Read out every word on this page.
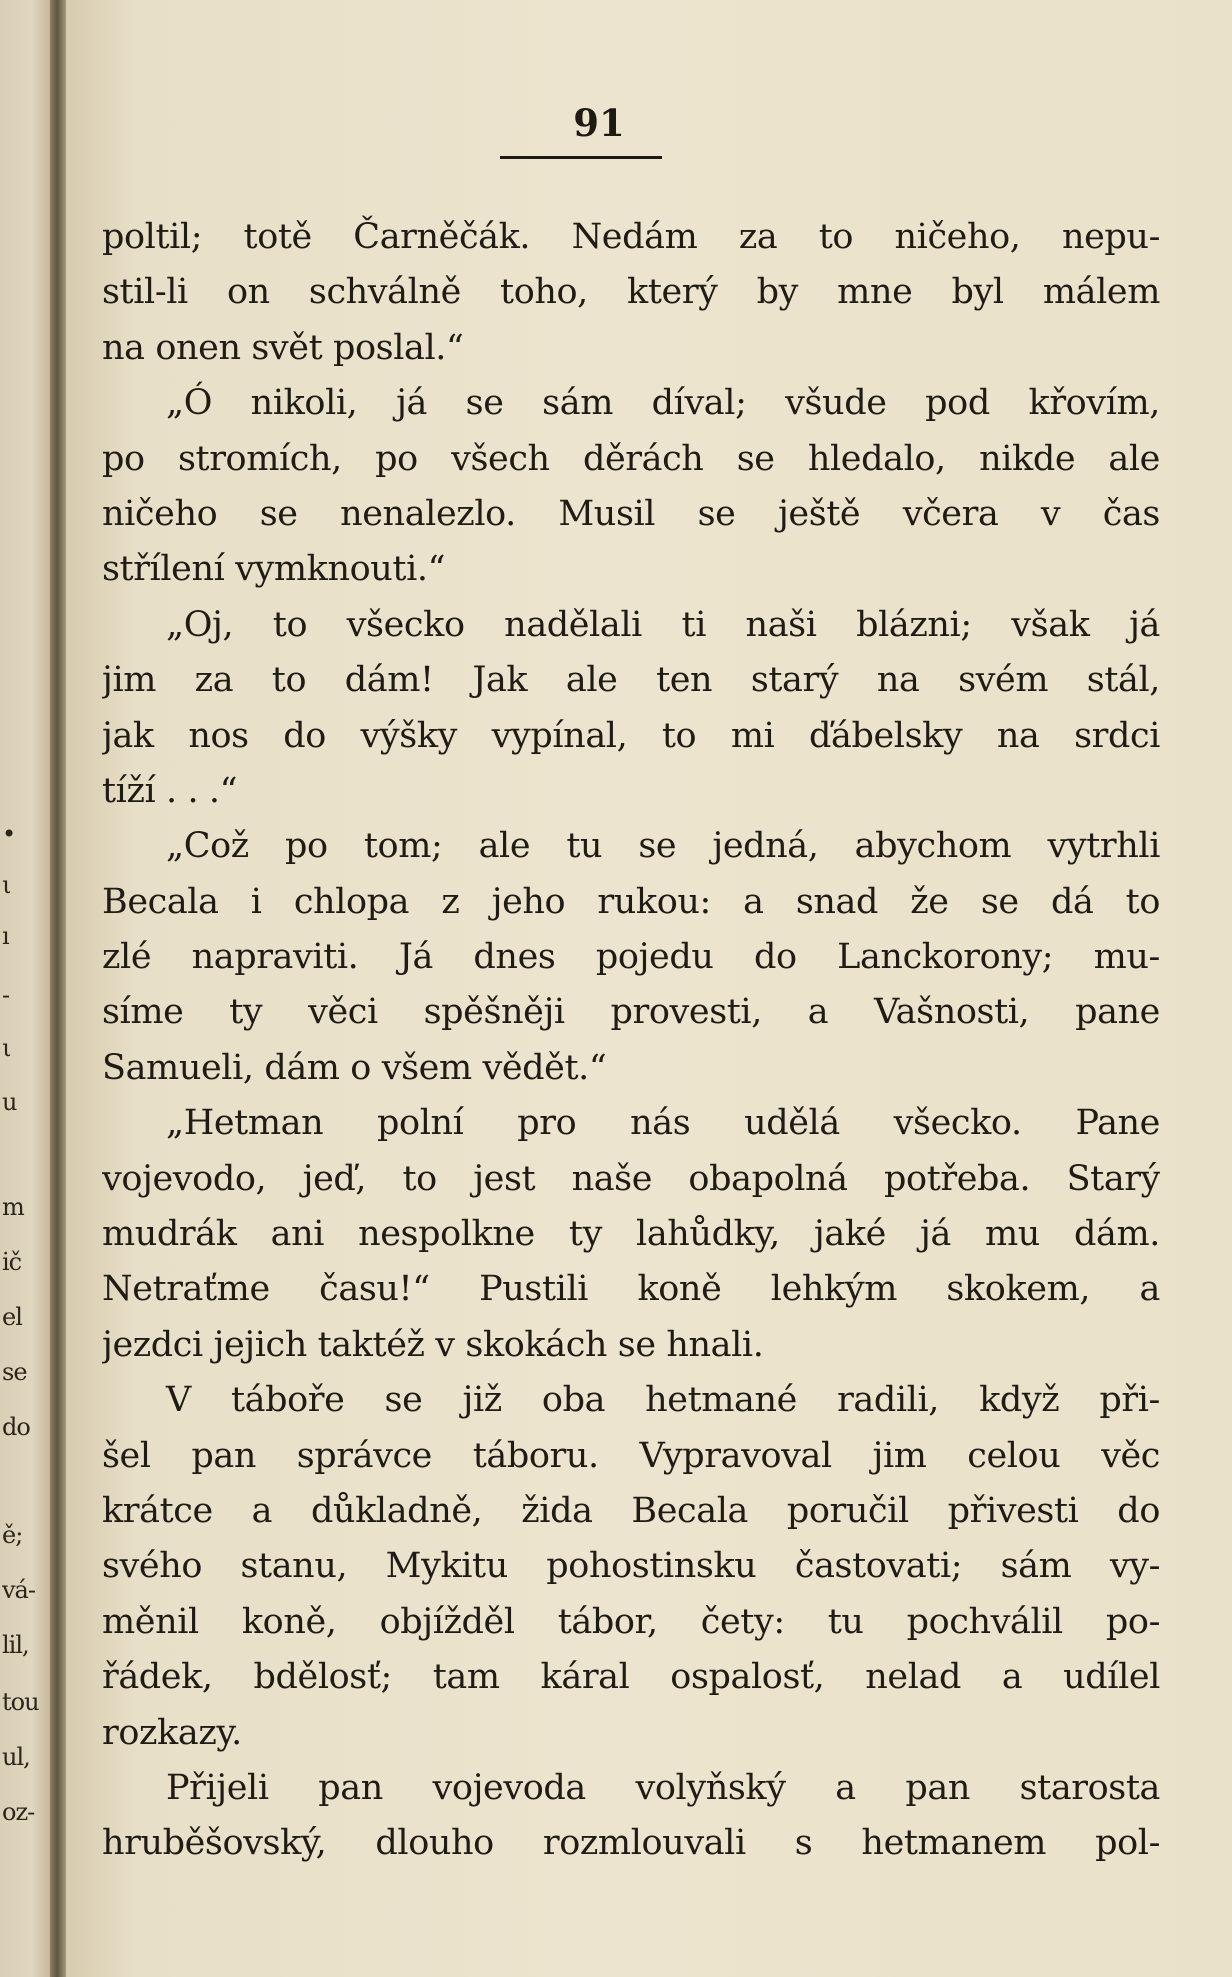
•

ι

ı

-

ι

u

m

ič

el

se

do

ě;

vá-

lil,

tou

ul,

oz-

91

poltil; totě Čarněčák. Nedám za to ničeho, nepu-
stil-li on schválně toho, který by mne byl málem
na onen svět poslal.“
„Ó nikoli, já se sám díval; všude pod křovím,
po stromích, po všech děrách se hledalo, nikde ale
ničeho se nenalezlo. Musil se ještě včera v čas
střílení vymknouti.“
„Oj, to všecko nadělali ti naši blázni; však já
jim za to dám! Jak ale ten starý na svém stál,
jak nos do výšky vypínal, to mi ďábelsky na srdci
tíží . . .“
„Což po tom; ale tu se jedná, abychom vytrhli
Becala i chlopa z jeho rukou: a snad že se dá to
zlé napraviti. Já dnes pojedu do Lanckorony; mu-
síme ty věci spěšněji provesti, a Vašnosti, pane
Samueli, dám o všem vědět.“
„Hetman polní pro nás udělá všecko. Pane
vojevodo, jeď, to jest naše obapolná potřeba. Starý
mudrák ani nespolkne ty lahůdky, jaké já mu dám.
Netraťme času!“ Pustili koně lehkým skokem, a
jezdci jejich taktéž v skokách se hnali.
V táboře se již oba hetmané radili, když při-
šel pan správce táboru. Vypravoval jim celou věc
krátce a důkladně, žida Becala poručil přivesti do
svého stanu, Mykitu pohostinsku častovati; sám vy-
měnil koně, objížděl tábor, čety: tu pochválil po-
řádek, bdělosť; tam káral ospalosť, nelad a udílel
rozkazy.
Přijeli pan vojevoda volyňský a pan starosta
hruběšovský, dlouho rozmlouvali s hetmanem pol-
